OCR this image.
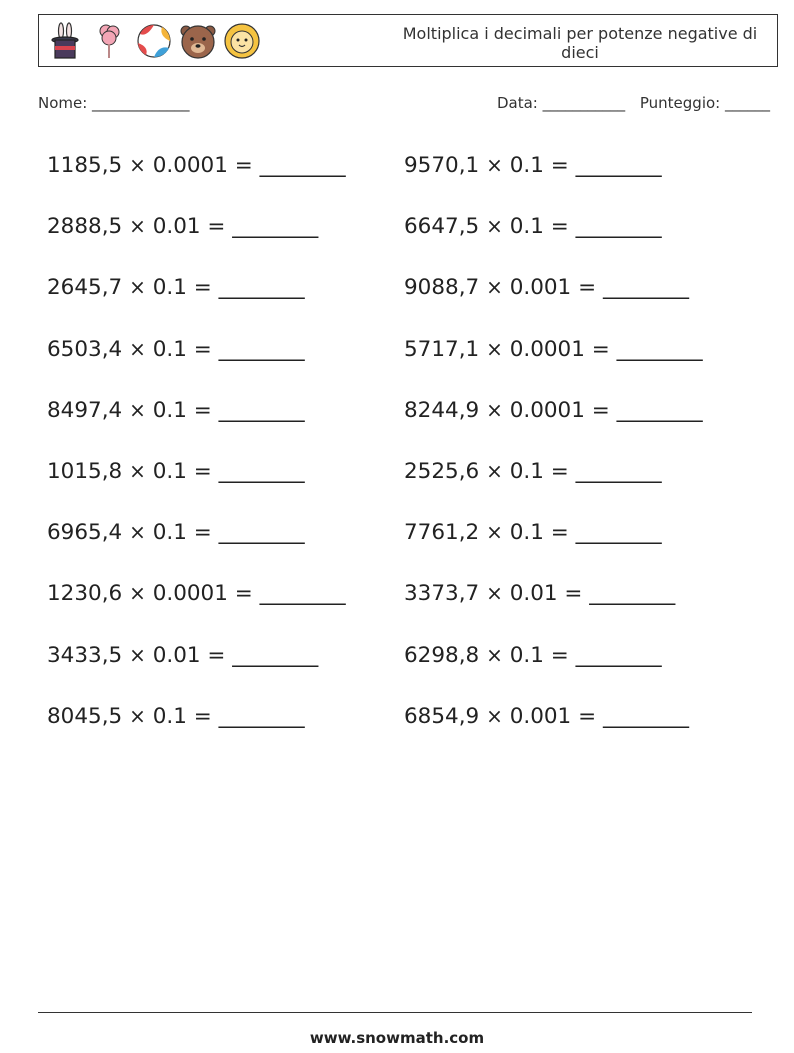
Moltiplica i decimali per potenze negative di dieci
Nome: _____________	Data: ___________ Punteggio: ______
1185,5 × 0.0001 = ________
2888,5 × 0.01 = ________
2645,7 × 0.1 = ________
6503,4 × 0.1 = ________
8497,4 × 0.1 = ________
1015,8 × 0.1 = ________
6965,4 × 0.1 = ________
1230,6 × 0.0001 = ________
3433,5 × 0.01 = ________
8045,5 × 0.1 = ________
9570,1 × 0.1 = ________
6647,5 × 0.1 = ________
9088,7 × 0.001 = ________
5717,1 × 0.0001 = ________
8244,9 × 0.0001 = ________
2525,6 × 0.1 = ________
7761,2 × 0.1 = ________
3373,7 × 0.01 = ________
6298,8 × 0.1 = ________
6854,9 × 0.001 = ________
www.snowmath.com
